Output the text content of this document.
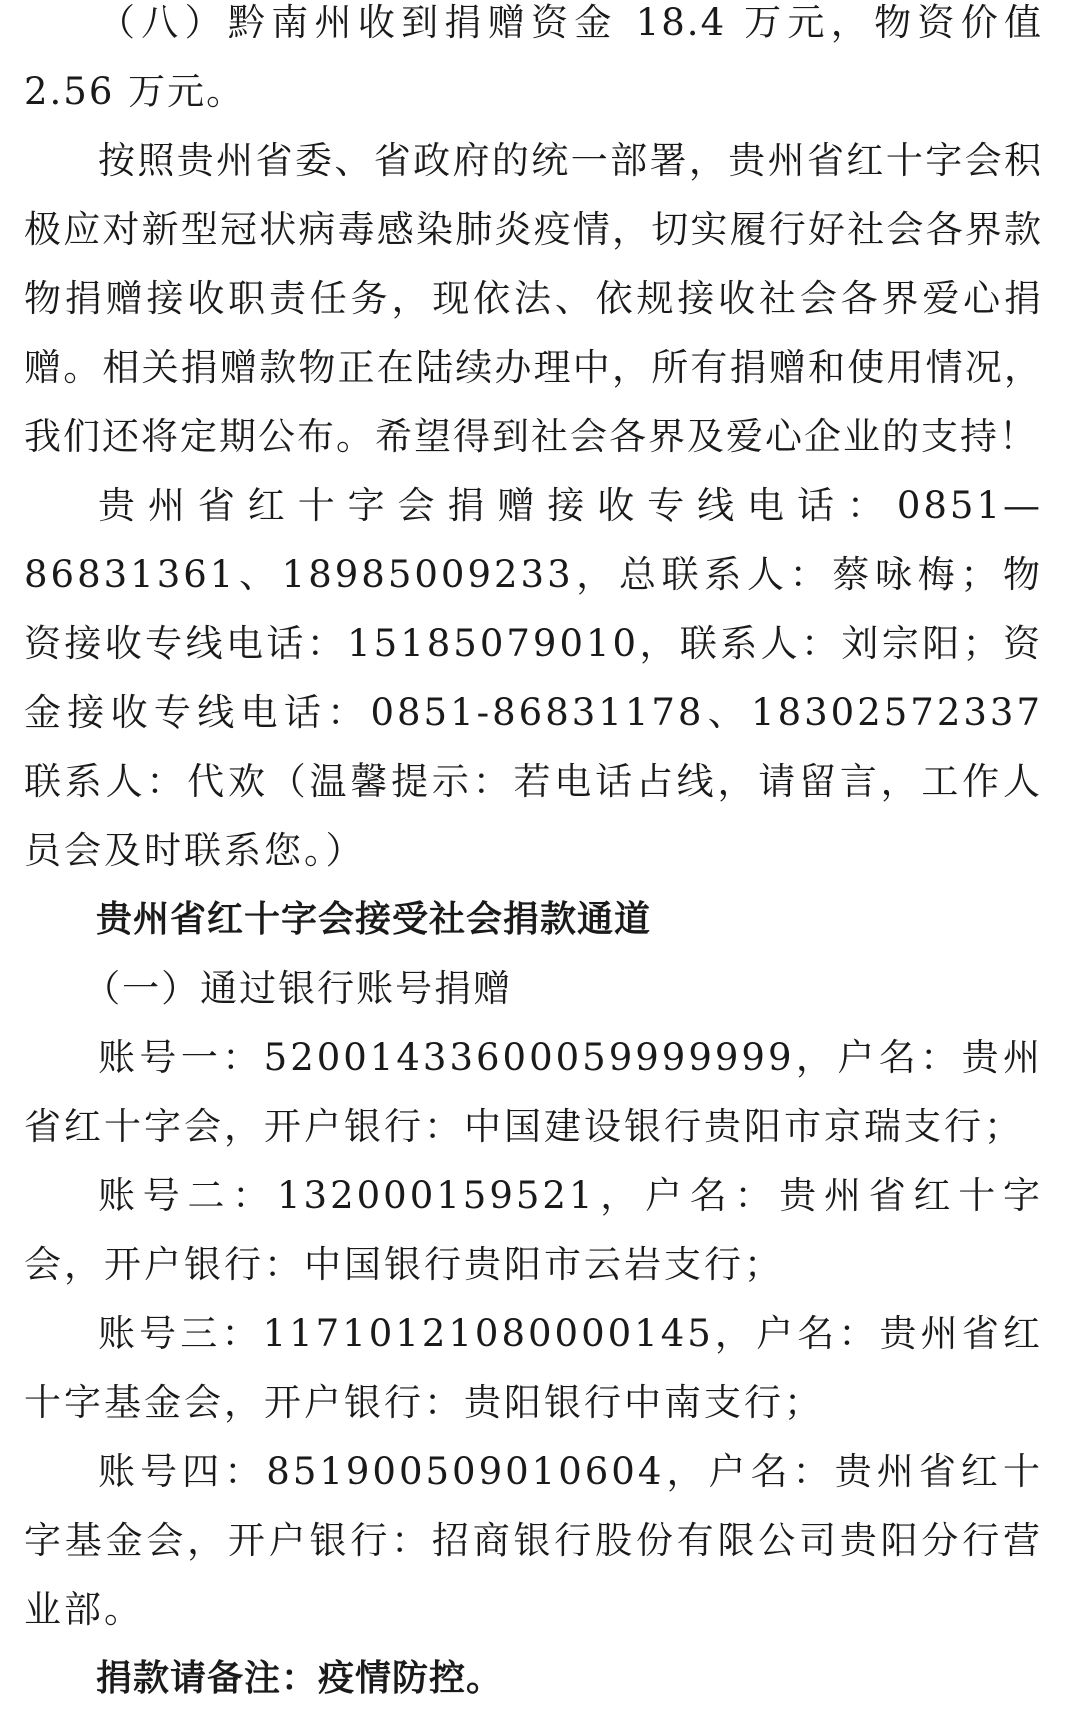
（八）黔南州收到捐赠资金 18.4 万元，物资价值 2.56 万元。

按照贵州省委、省政府的统一部署，贵州省红十字会积极应对新型冠状病毒感染肺炎疫情，切实履行好社会各界款物捐赠接收职责任务，现依法、依规接收社会各界爱心捐赠。相关捐赠款物正在陆续办理中，所有捐赠和使用情况，我们还将定期公布。希望得到社会各界及爱心企业的支持！

贵州省红十字会捐赠接收专线电话：0851—86831361、18985009233，总联系人：蔡咏梅；物资接收专线电话：15185079010，联系人：刘宗阳；资金接收专线电话：0851-86831178、18302572337 联系人：代欢（温馨提示：若电话占线，请留言，工作人员会及时联系您。）

贵州省红十字会接受社会捐款通道

（一）通过银行账号捐赠

账号一：52001433600059999999，户名：贵州省红十字会，开户银行：中国建设银行贵阳市京瑞支行；

账号二：132000159521，户名：贵州省红十字会，开户银行：中国银行贵阳市云岩支行；

账号三：11710121080000145，户名：贵州省红十字基金会，开户银行：贵阳银行中南支行；

账号四：851900509010604，户名：贵州省红十字基金会，开户银行：招商银行股份有限公司贵阳分行营业部。

捐款请备注：疫情防控。
